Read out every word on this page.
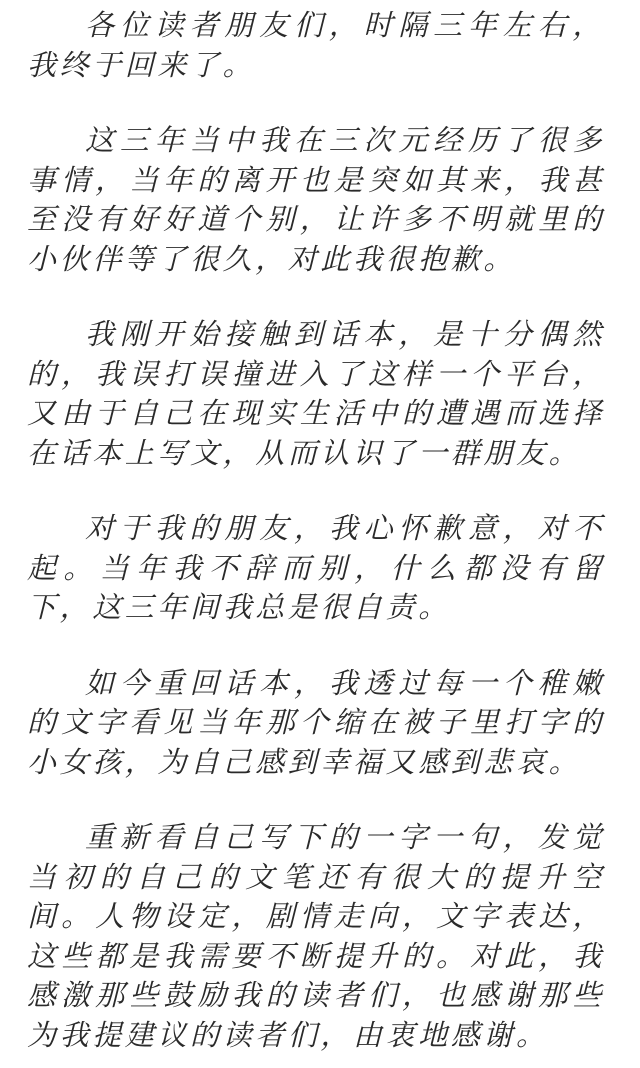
各位读者朋友们，时隔三年左右，我终于回来了。

这三年当中我在三次元经历了很多事情，当年的离开也是突如其来，我甚至没有好好道个别，让许多不明就里的小伙伴等了很久，对此我很抱歉。

我刚开始接触到话本，是十分偶然的，我误打误撞进入了这样一个平台，又由于自己在现实生活中的遭遇而选择在话本上写文，从而认识了一群朋友。

对于我的朋友，我心怀歉意，对不起。当年我不辞而别，什么都没有留下，这三年间我总是很自责。

如今重回话本，我透过每一个稚嫩的文字看见当年那个缩在被子里打字的小女孩，为自己感到幸福又感到悲哀。

重新看自己写下的一字一句，发觉当初的自己的文笔还有很大的提升空间。人物设定，剧情走向，文字表达，这些都是我需要不断提升的。对此，我感激那些鼓励我的读者们，也感谢那些为我提建议的读者们，由衷地感谢。
